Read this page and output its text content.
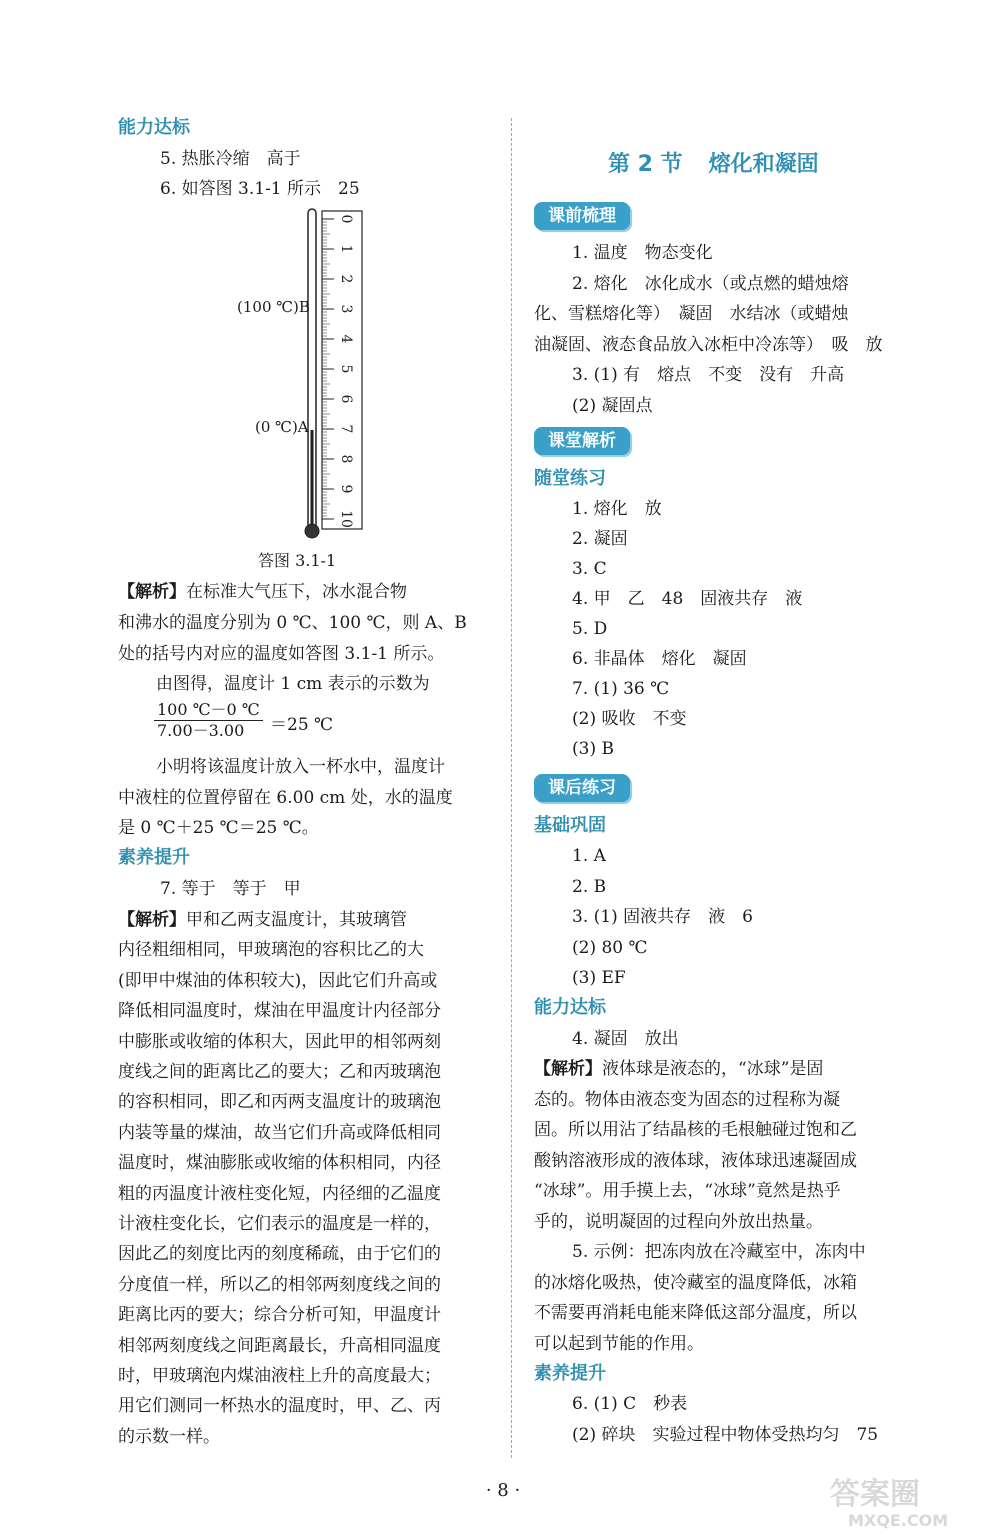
能力达标
5. 热胀冷缩　高于
6. 如答图 3.1-1 所示　25
0
1
2
3
4
5
6
7
8
9
10
(100 ℃)B
(0 ℃)A
答图 3.1-1
【解析】在标准大气压下，冰水混合物
和沸水的温度分别为 0 ℃、100 ℃，则 A、B
处的括号内对应的温度如答图 3.1-1 所示。
由图得，温度计 1 cm 表示的示数为
$\frac{100 ℃-0 ℃}{7.00-3.00} =25$ ℃
小明将该温度计放入一杯水中，温度计
中液柱的位置停留在 6.00 cm 处，水的温度
是 0 ℃＋25 ℃＝25 ℃。
素养提升
7. 等于　等于　甲
【解析】甲和乙两支温度计，其玻璃管
内径粗细相同，甲玻璃泡的容积比乙的大
(即甲中煤油的体积较大)，因此它们升高或
降低相同温度时，煤油在甲温度计内径部分
中膨胀或收缩的体积大，因此甲的相邻两刻
度线之间的距离比乙的要大；乙和丙玻璃泡
的容积相同，即乙和丙两支温度计的玻璃泡
内装等量的煤油，故当它们升高或降低相同
温度时，煤油膨胀或收缩的体积相同，内径
粗的丙温度计液柱变化短，内径细的乙温度
计液柱变化长，它们表示的温度是一样的，
因此乙的刻度比丙的刻度稀疏，由于它们的
分度值一样，所以乙的相邻两刻度线之间的
距离比丙的要大；综合分析可知，甲温度计
相邻两刻度线之间距离最长，升高相同温度
时，甲玻璃泡内煤油液柱上升的高度最大；
用它们测同一杯热水的温度时，甲、乙、丙
的示数一样。
第 2 节 熔化和凝固
课前梳理
1. 温度　物态变化
2. 熔化　冰化成水（或点燃的蜡烛熔
化、雪糕熔化等）　凝固　水结冰（或蜡烛
油凝固、液态食品放入冰柜中冷冻等）　吸　放
3. (1) 有　熔点　不变　没有　升高
(2) 凝固点
课堂解析
随堂练习
1. 熔化　放
2. 凝固
3. C
4. 甲　乙　48　固液共存　液
5. D
6. 非晶体　熔化　凝固
7. (1) 36 ℃
(2) 吸收　不变
(3) B
课后练习
基础巩固
1. A
2. B
3. (1) 固液共存　液　6
(2) 80 ℃
(3) EF
能力达标
4. 凝固　放出
【解析】液体球是液态的，“冰球”是固
态的。物体由液态变为固态的过程称为凝
固。所以用沾了结晶核的毛根触碰过饱和乙
酸钠溶液形成的液体球，液体球迅速凝固成
“冰球”。用手摸上去，“冰球”竟然是热乎
乎的，说明凝固的过程向外放出热量。
5. 示例：把冻肉放在冷藏室中，冻肉中
的冰熔化吸热，使冷藏室的温度降低，冰箱
不需要再消耗电能来降低这部分温度，所以
可以起到节能的作用。
素养提升
6. (1) C　秒表
(2) 碎块　实验过程中物体受热均匀　75
· 8 ·	答案圈
MXQE.COM
